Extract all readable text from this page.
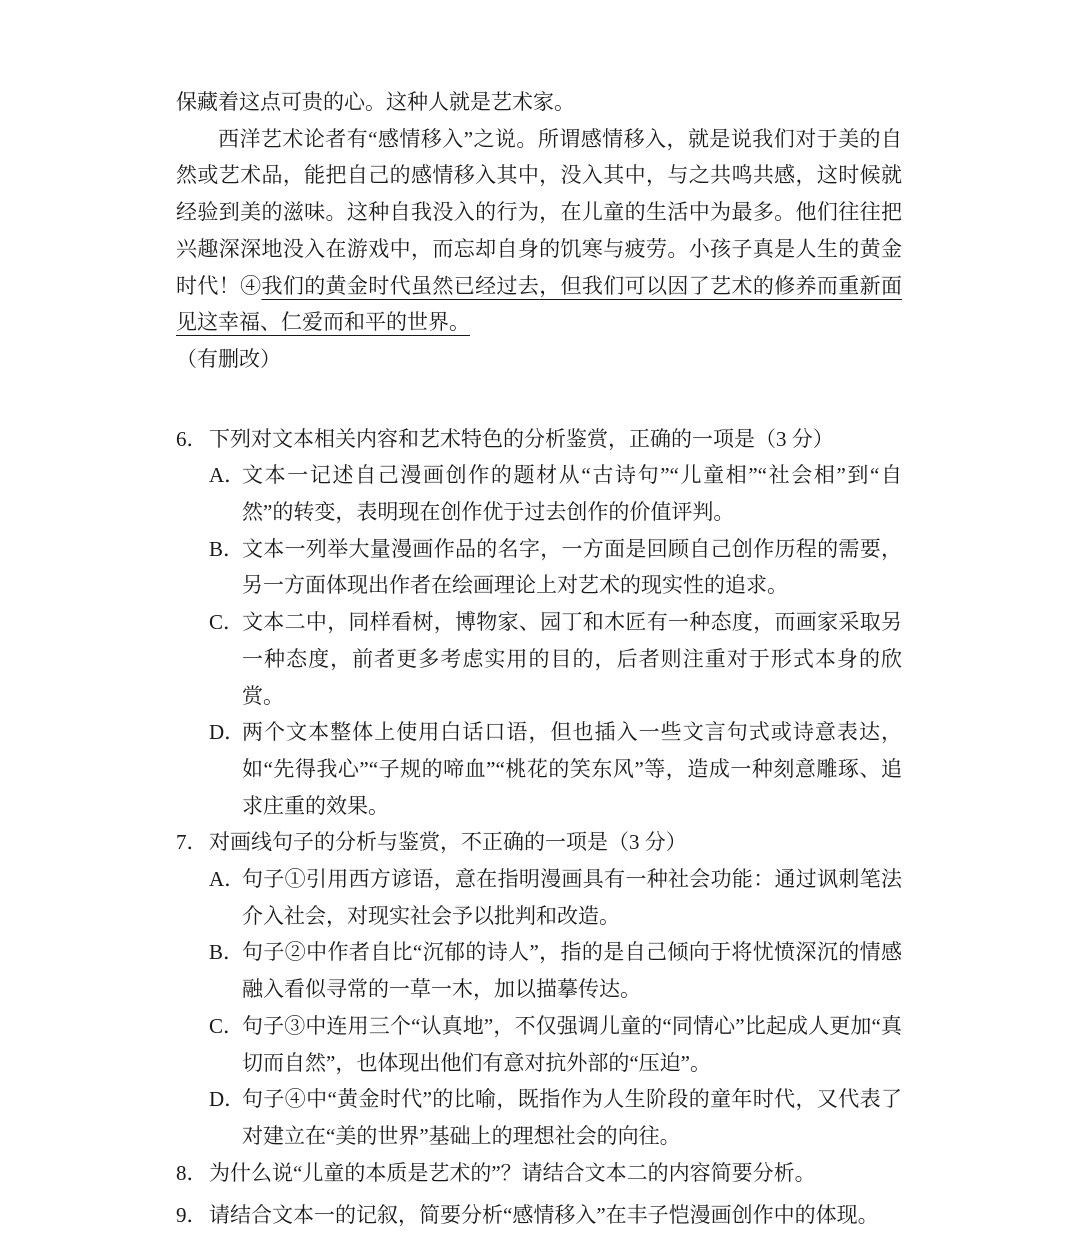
保藏着这点可贵的心。这种人就是艺术家。

西洋艺术论者有“感情移入”之说。所谓感情移入，就是说我们对于美的自然或艺术品，能把自己的感情移入其中，没入其中，与之共鸣共感，这时候就经验到美的滋味。这种自我没入的行为，在儿童的生活中为最多。他们往往把兴趣深深地没入在游戏中，而忘却自身的饥寒与疲劳。小孩子真是人生的黄金时代！④我们的黄金时代虽然已经过去，但我们可以因了艺术的修养而重新面见这幸福、仁爱而和平的世界。

（有删改）

6． 下列对文本相关内容和艺术特色的分析鉴赏，正确的一项是（3 分）

A．

文本一记述自己漫画创作的题材从“古诗句”“儿童相”“社会相”到“自然”的转变，表明现在创作优于过去创作的价值评判。

B．

文本一列举大量漫画作品的名字，一方面是回顾自己创作历程的需要，另一方面体现出作者在绘画理论上对艺术的现实性的追求。

C．

文本二中，同样看树，博物家、园丁和木匠有一种态度，而画家采取另一种态度，前者更多考虑实用的目的，后者则注重对于形式本身的欣赏。

D．

两个文本整体上使用白话口语，但也插入一些文言句式或诗意表达，如“先得我心”“子规的啼血”“桃花的笑东风”等，造成一种刻意雕琢、追求庄重的效果。

7． 对画线句子的分析与鉴赏，不正确的一项是（3 分）

A．

句子①引用西方谚语，意在指明漫画具有一种社会功能：通过讽刺笔法介入社会，对现实社会予以批判和改造。

B．

句子②中作者自比“沉郁的诗人”，指的是自己倾向于将忧愤深沉的情感融入看似寻常的一草一木，加以描摹传达。

C．

句子③中连用三个“认真地”，不仅强调儿童的“同情心”比起成人更加“真切而自然”，也体现出他们有意对抗外部的“压迫”。

D．

句子④中“黄金时代”的比喻，既指作为人生阶段的童年时代，又代表了对建立在“美的世界”基础上的理想社会的向往。

8． 为什么说“儿童的本质是艺术的”？请结合文本二的内容简要分析。

9． 请结合文本一的记叙，简要分析“感情移入”在丰子恺漫画创作中的体现。
